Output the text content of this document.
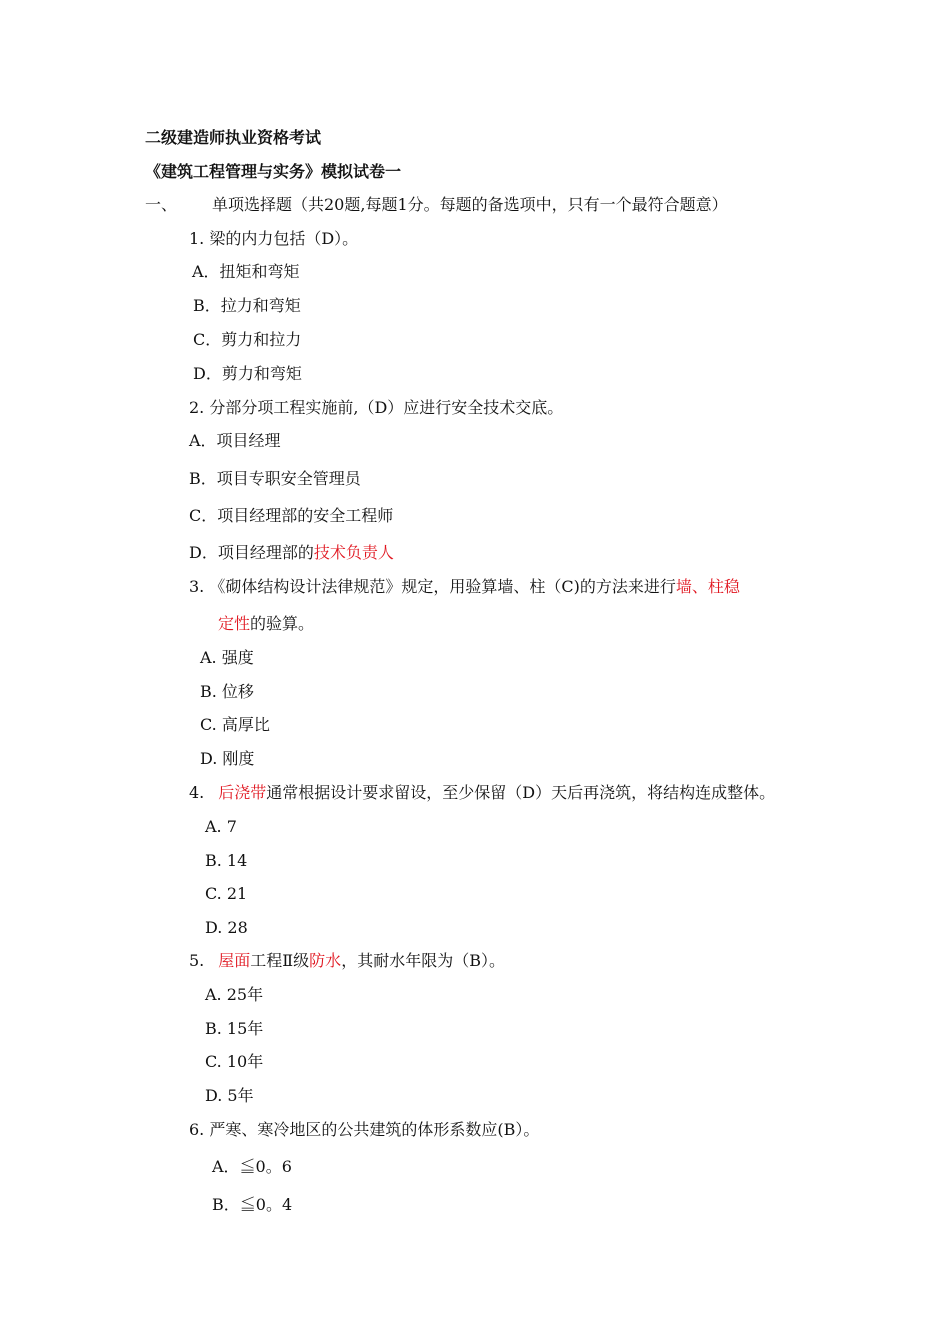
二级建造师执业资格考试
《建筑工程管理与实务》模拟试卷一
一、 单项选择题（共20题,每题1分。每题的备选项中，只有一个最符合题意）
1. 梁的内力包括（D）。
A．扭矩和弯矩
B．拉力和弯矩
C．剪力和拉力
D．剪力和弯矩
2. 分部分项工程实施前,（D）应进行安全技术交底。
A．项目经理
B．项目专职安全管理员
C．项目经理部的安全工程师
D．项目经理部的技术负责人
3. 《砌体结构设计法律规范》规定，用验算墙、柱（C)的方法来进行墙、柱稳
定性的验算。
A. 强度
B. 位移
C. 高厚比
D. 刚度
4. 后浇带通常根据设计要求留设，至少保留（D）天后再浇筑，将结构连成整体。
A. 7
B. 14
C. 21
D. 28
5. 屋面工程Ⅱ级防水，其耐水年限为（B）。
A. 25年
B. 15年
C. 10年
D. 5年
6. 严寒、寒冷地区的公共建筑的体形系数应(B）。
A．≦0。6
B．≦0。4
